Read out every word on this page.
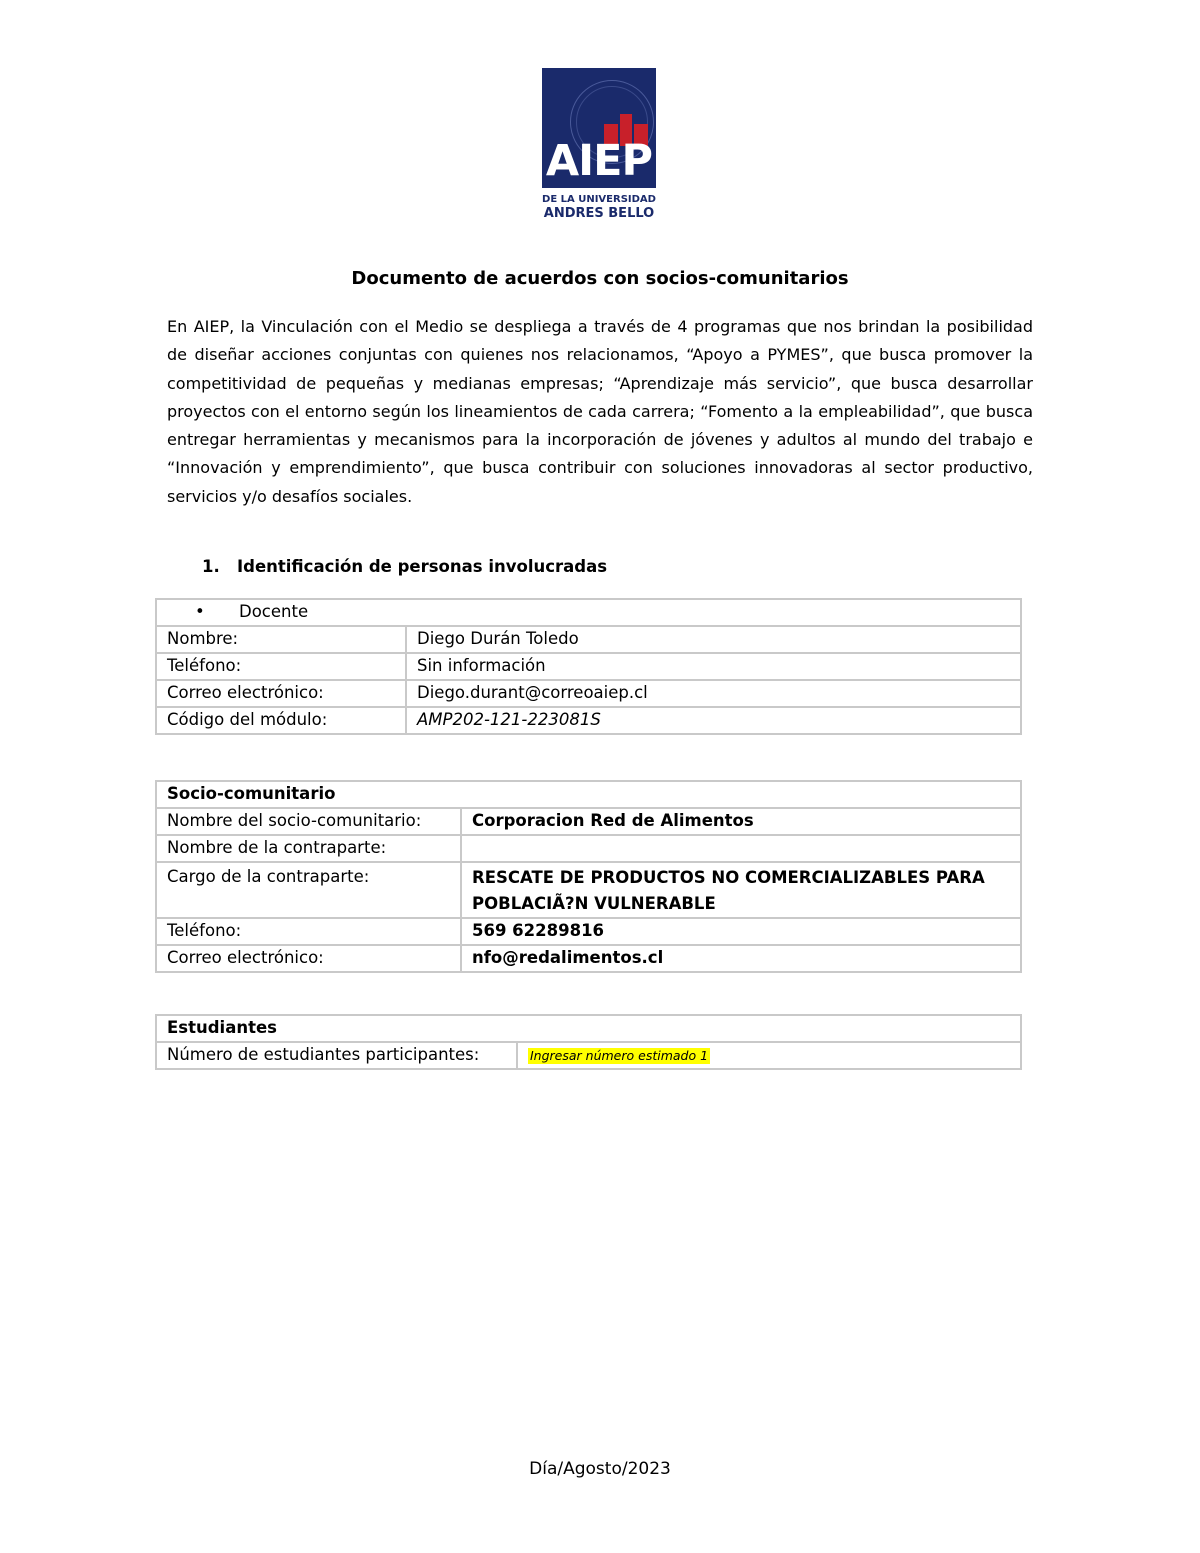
AIEP
DE LA UNIVERSIDAD
ANDRES BELLO
Documento de acuerdos con socios-comunitarios

En AIEP, la Vinculación con el Medio se despliega a través de 4 programas que nos brindan la posibilidad de diseñar acciones conjuntas con quienes nos relacionamos, “Apoyo a PYMES”, que busca promover la competitividad de pequeñas y medianas empresas; “Aprendizaje más servicio”, que busca desarrollar proyectos con el entorno según los lineamientos de cada carrera; “Fomento a la empleabilidad”, que busca entregar herramientas y mecanismos para la incorporación de jóvenes y adultos al mundo del trabajo e “Innovación y emprendimiento”, que busca contribuir con soluciones innovadoras al sector productivo, servicios y/o desafíos sociales.

1. Identificación de personas involucradas
• Docente	
Nombre:	Diego Durán Toledo
Teléfono:	Sin información
Correo electrónico:	Diego.durant@correoaiep.cl
Código del módulo:	AMP202-121-223081S
Socio-comunitario	
Nombre del socio-comunitario:	Corporacion Red de Alimentos
Nombre de la contraparte:	
Cargo de la contraparte:	RESCATE DE PRODUCTOS NO COMERCIALIZABLES PARA POBLACIÃ?N VULNERABLE
Teléfono:	569 62289816
Correo electrónico:	nfo@redalimentos.cl
Estudiantes
Número de estudiantes participantes:	Ingresar número estimado 1
Día/Agosto/2023
